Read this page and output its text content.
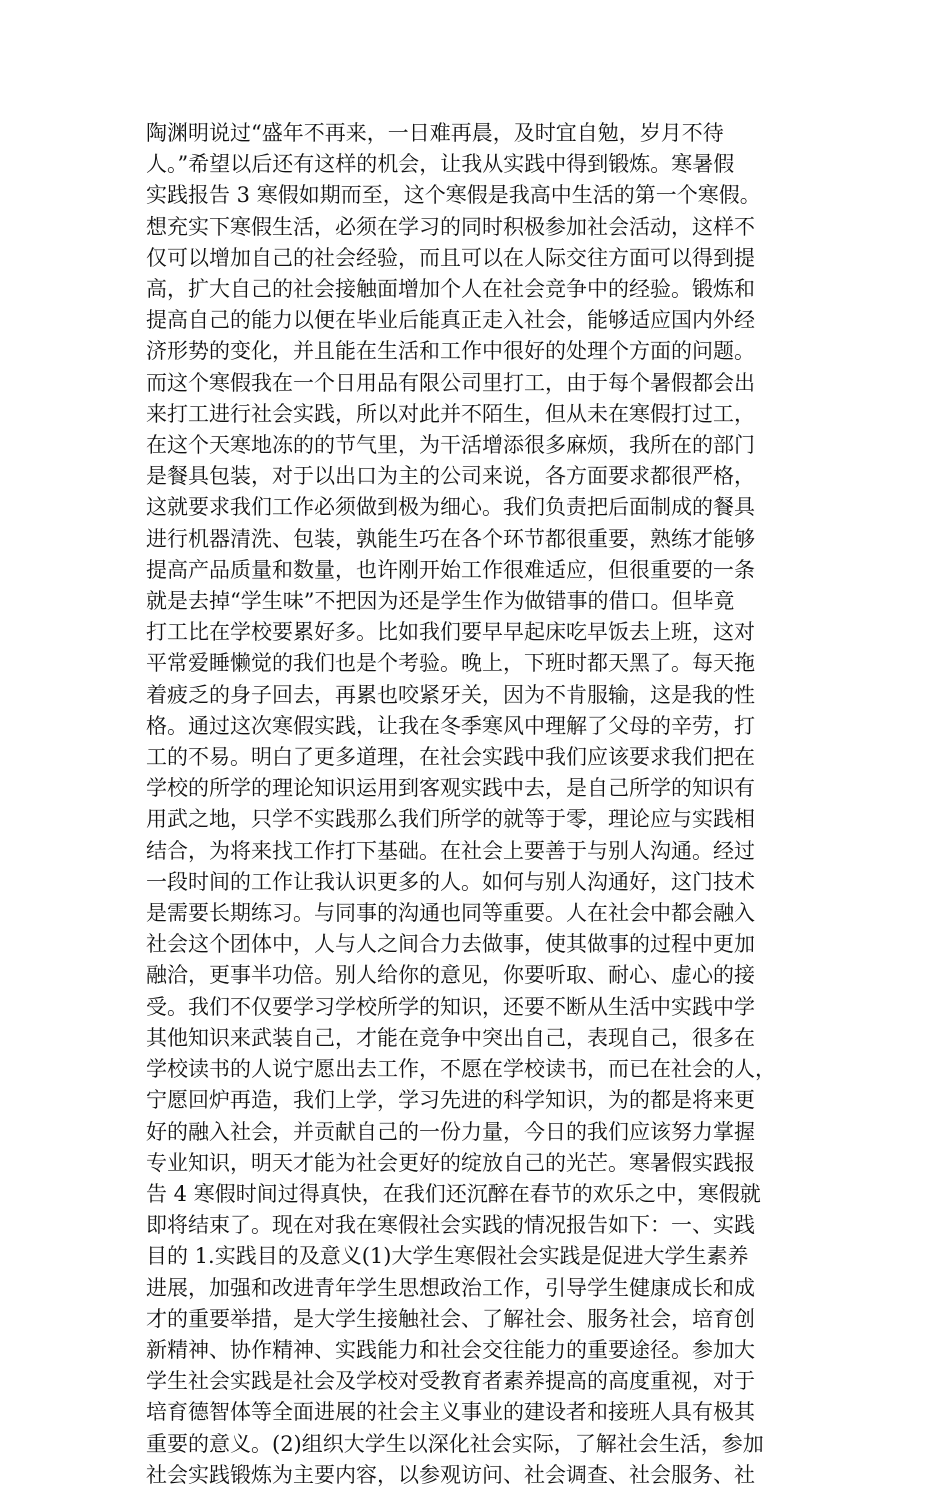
陶渊明说过“盛年不再来，一日难再晨，及时宜自勉，岁月不待
人。”希望以后还有这样的机会，让我从实践中得到锻炼。寒暑假
实践报告 3 寒假如期而至，这个寒假是我高中生活的第一个寒假。
想充实下寒假生活，必须在学习的同时积极参加社会活动，这样不
仅可以增加自己的社会经验，而且可以在人际交往方面可以得到提
高，扩大自己的社会接触面增加个人在社会竞争中的经验。锻炼和
提高自己的能力以便在毕业后能真正走入社会，能够适应国内外经
济形势的变化，并且能在生活和工作中很好的处理个方面的问题。
而这个寒假我在一个日用品有限公司里打工，由于每个暑假都会出
来打工进行社会实践，所以对此并不陌生，但从未在寒假打过工，
在这个天寒地冻的的节气里，为干活增添很多麻烦，我所在的部门
是餐具包装，对于以出口为主的公司来说，各方面要求都很严格，
这就要求我们工作必须做到极为细心。我们负责把后面制成的餐具
进行机器清洗、包装，孰能生巧在各个环节都很重要，熟练才能够
提高产品质量和数量，也许刚开始工作很难适应，但很重要的一条
就是去掉“学生味”不把因为还是学生作为做错事的借口。但毕竟
打工比在学校要累好多。比如我们要早早起床吃早饭去上班，这对
平常爱睡懒觉的我们也是个考验。晚上，下班时都天黑了。每天拖
着疲乏的身子回去，再累也咬紧牙关，因为不肯服输，这是我的性
格。通过这次寒假实践，让我在冬季寒风中理解了父母的辛劳，打
工的不易。明白了更多道理，在社会实践中我们应该要求我们把在
学校的所学的理论知识运用到客观实践中去，是自己所学的知识有
用武之地，只学不实践那么我们所学的就等于零，理论应与实践相
结合，为将来找工作打下基础。在社会上要善于与别人沟通。经过
一段时间的工作让我认识更多的人。如何与别人沟通好，这门技术
是需要长期练习。与同事的沟通也同等重要。人在社会中都会融入
社会这个团体中，人与人之间合力去做事，使其做事的过程中更加
融洽，更事半功倍。别人给你的意见，你要听取、耐心、虚心的接
受。我们不仅要学习学校所学的知识，还要不断从生活中实践中学
其他知识来武装自己，才能在竞争中突出自己，表现自己，很多在
学校读书的人说宁愿出去工作，不愿在学校读书，而已在社会的人，
宁愿回炉再造，我们上学，学习先进的科学知识，为的都是将来更
好的融入社会，并贡献自己的一份力量，今日的我们应该努力掌握
专业知识，明天才能为社会更好的绽放自己的光芒。寒暑假实践报
告 4 寒假时间过得真快，在我们还沉醉在春节的欢乐之中，寒假就
即将结束了。现在对我在寒假社会实践的情况报告如下：一、实践
目的 1.实践目的及意义(1)大学生寒假社会实践是促进大学生素养
进展，加强和改进青年学生思想政治工作，引导学生健康成长和成
才的重要举措，是大学生接触社会、了解社会、服务社会，培育创
新精神、协作精神、实践能力和社会交往能力的重要途径。参加大
学生社会实践是社会及学校对受教育者素养提高的高度重视，对于
培育德智体等全面进展的社会主义事业的建设者和接班人具有极其
重要的意义。(2)组织大学生以深化社会实际，了解社会生活，参加
社会实践锻炼为主要内容，以参观访问、社会调查、社会服务、社
